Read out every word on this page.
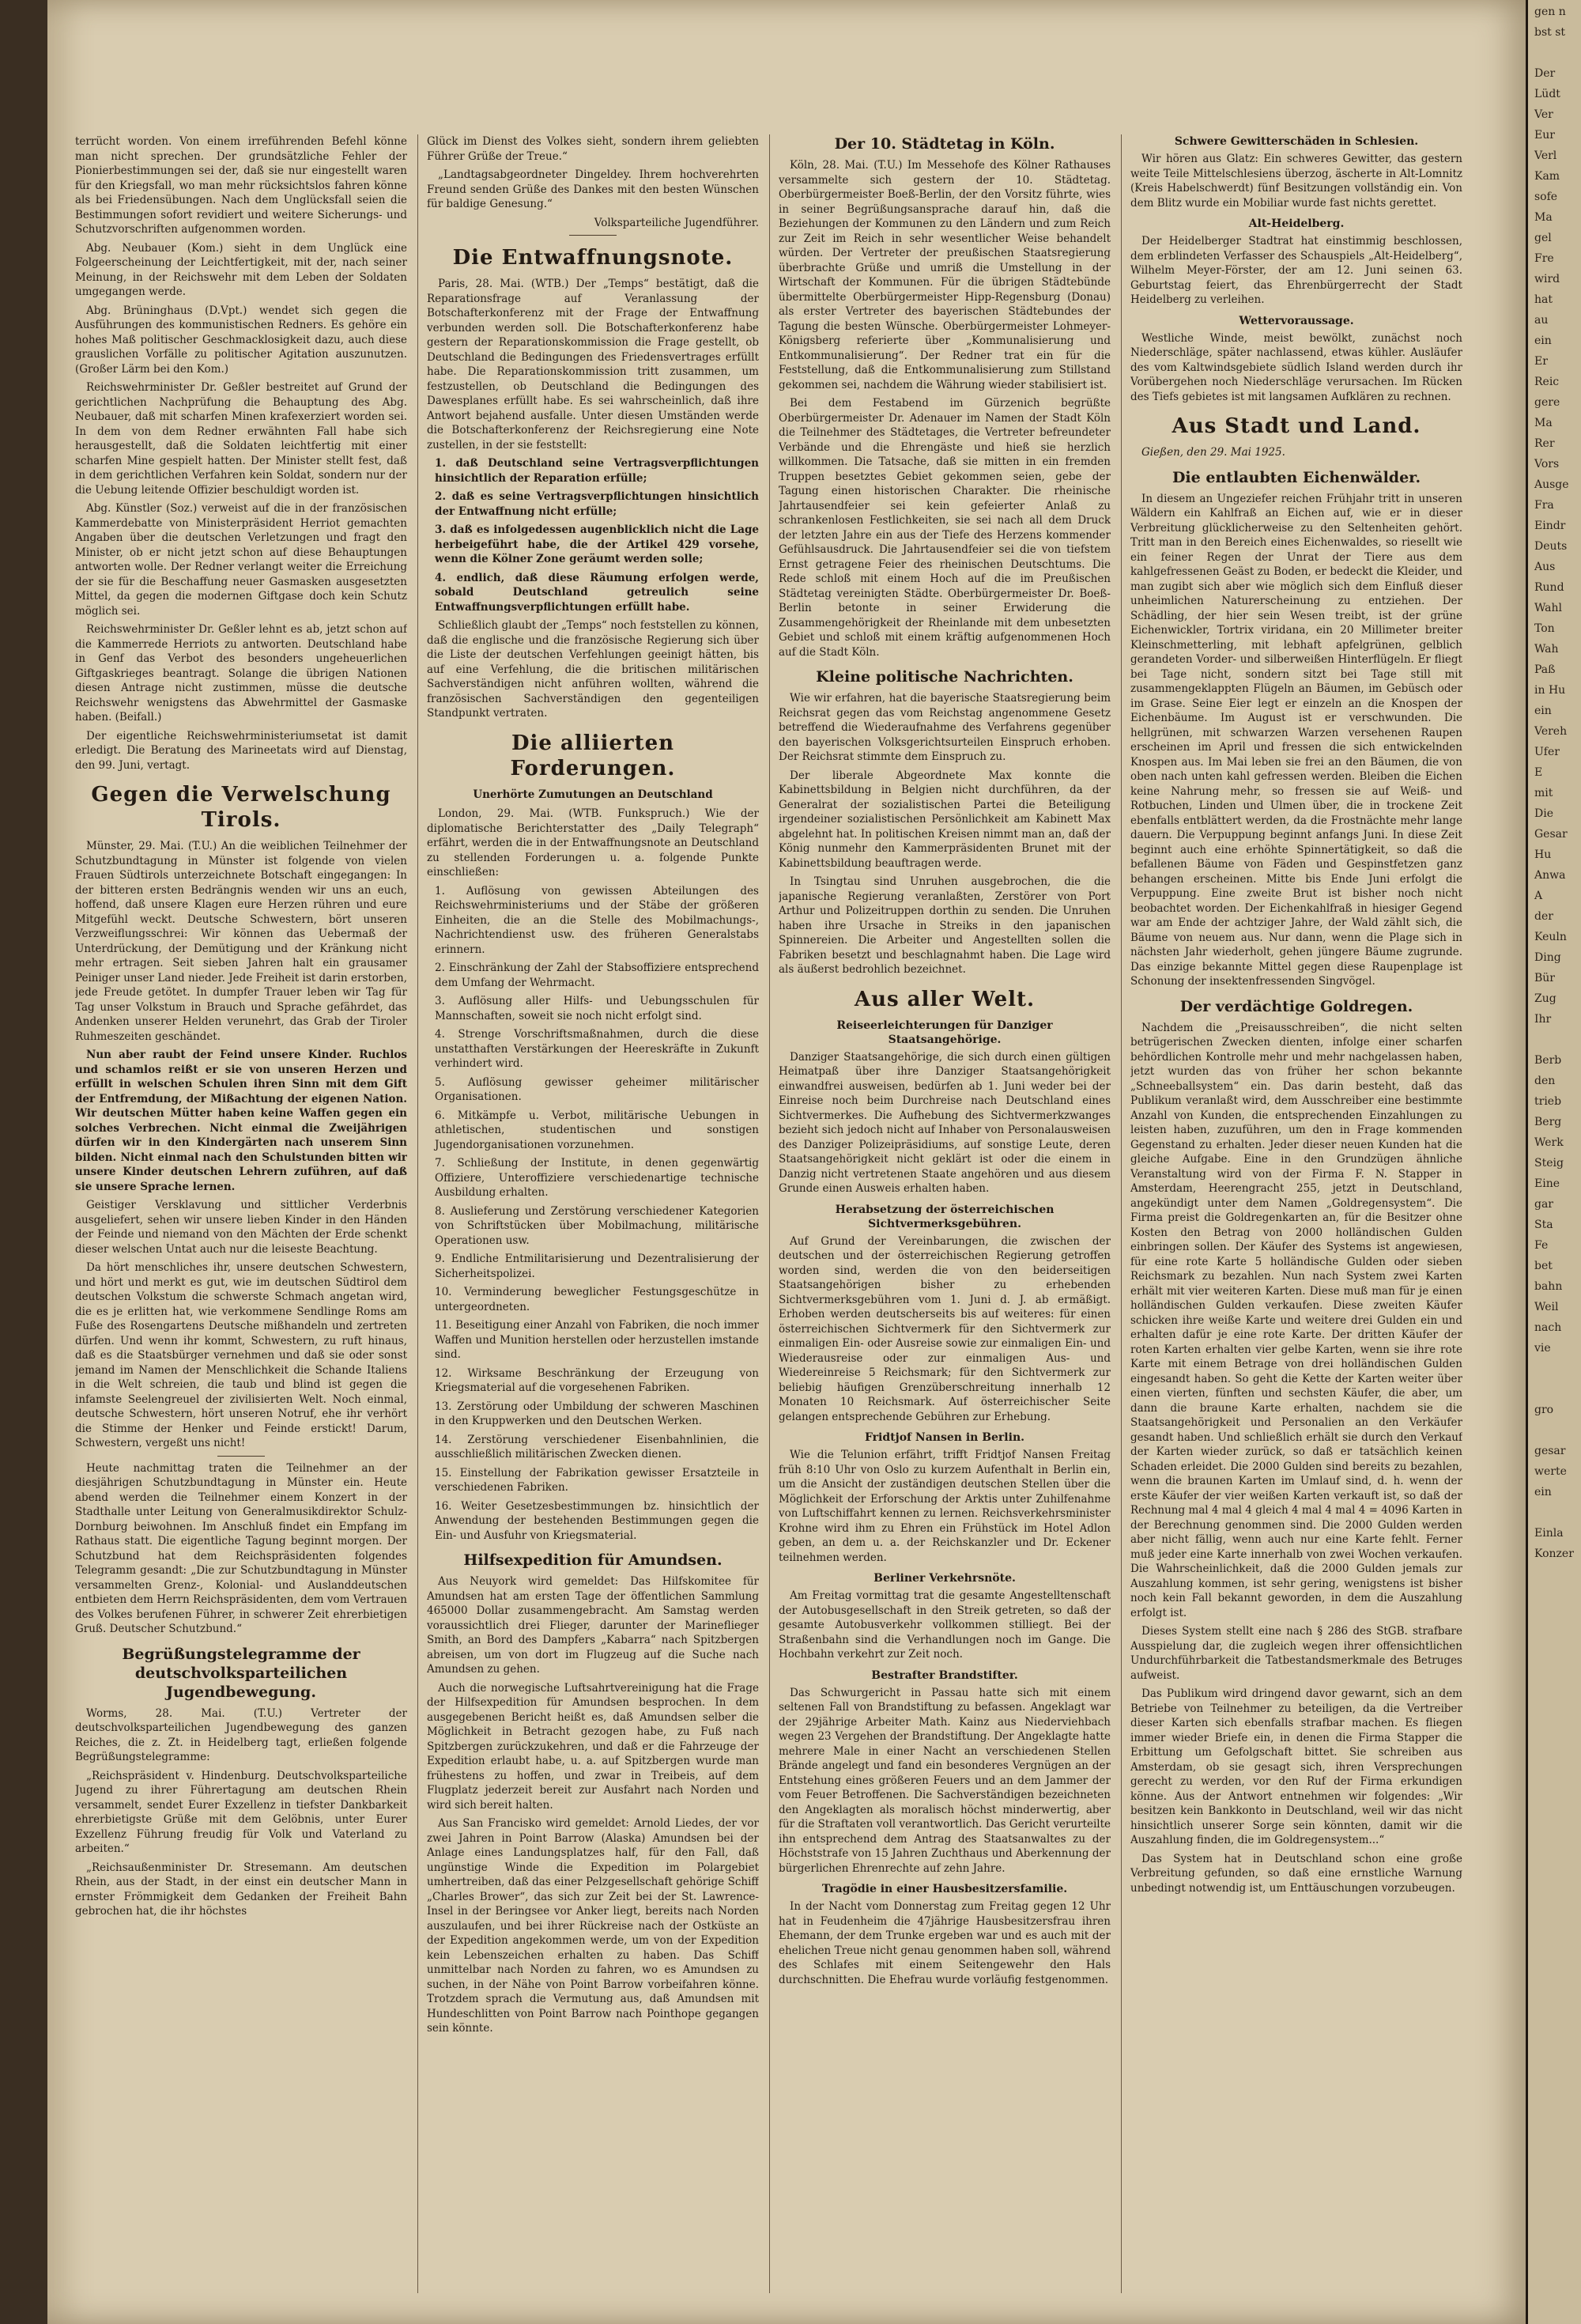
terrücht worden. Von einem irreführenden Befehl könne man nicht sprechen. Der grundsätzliche Fehler der Pionierbestimmungen sei der, daß sie nur eingestellt waren für den Kriegsfall, wo man mehr rücksichtslos fahren könne als bei Friedensübungen. Nach dem Unglücksfall seien die Bestimmungen sofort revidiert und weitere Sicherungs- und Schutzvorschriften aufgenommen worden.

Abg. Neubauer (Kom.) sieht in dem Unglück eine Folgeerscheinung der Leichtfertigkeit, mit der, nach seiner Meinung, in der Reichswehr mit dem Leben der Soldaten umgegangen werde.

Abg. Brüninghaus (D.Vpt.) wendet sich gegen die Ausführungen des kommunistischen Redners. Es gehöre ein hohes Maß politischer Geschmacklosigkeit dazu, auch diese grauslichen Vorfälle zu politischer Agitation auszunutzen. (Großer Lärm bei den Kom.)

Reichswehrminister Dr. Geßler bestreitet auf Grund der gerichtlichen Nachprüfung die Behauptung des Abg. Neubauer, daß mit scharfen Minen krafexerziert worden sei. In dem von dem Redner erwähnten Fall habe sich herausgestellt, daß die Soldaten leichtfertig mit einer scharfen Mine gespielt hatten. Der Minister stellt fest, daß in dem gerichtlichen Verfahren kein Soldat, sondern nur der die Uebung leitende Offizier beschuldigt worden ist.

Abg. Künstler (Soz.) verweist auf die in der französischen Kammerdebatte von Ministerpräsident Herriot gemachten Angaben über die deutschen Verletzungen und fragt den Minister, ob er nicht jetzt schon auf diese Behauptungen antworten wolle. Der Redner verlangt weiter die Erreichung der sie für die Beschaffung neuer Gasmasken ausgesetzten Mittel, da gegen die modernen Giftgase doch kein Schutz möglich sei.

Reichswehrminister Dr. Geßler lehnt es ab, jetzt schon auf die Kammerrede Herriots zu antworten. Deutschland habe in Genf das Verbot des besonders ungeheuerlichen Giftgaskrieges beantragt. Solange die übrigen Nationen diesen Antrage nicht zustimmen, müsse die deutsche Reichswehr wenigstens das Abwehrmittel der Gasmaske haben. (Beifall.)

Der eigentliche Reichswehrministeriumsetat ist damit erledigt. Die Beratung des Marineetats wird auf Dienstag, den 99. Juni, vertagt.

Gegen die Verwelschung Tirols.

Münster, 29. Mai. (T.U.) An die weiblichen Teilnehmer der Schutzbundtagung in Münster ist folgende von vielen Frauen Südtirols unterzeichnete Botschaft eingegangen: In der bitteren ersten Bedrängnis wenden wir uns an euch, hoffend, daß unsere Klagen eure Herzen rühren und eure Mitgefühl weckt. Deutsche Schwestern, bört unseren Verzweiflungsschrei: Wir können das Uebermaß der Unterdrückung, der Demütigung und der Kränkung nicht mehr ertragen. Seit sieben Jahren halt ein grausamer Peiniger unser Land nieder. Jede Freiheit ist darin erstorben, jede Freude getötet. In dumpfer Trauer leben wir Tag für Tag unser Volkstum in Brauch und Sprache gefährdet, das Andenken unserer Helden verunehrt, das Grab der Tiroler Ruhmeszeiten geschändet.

Nun aber raubt der Feind unsere Kinder. Ruchlos und schamlos reißt er sie von unseren Herzen und erfüllt in welschen Schulen ihren Sinn mit dem Gift der Entfremdung, der Mißachtung der eigenen Nation. Wir deutschen Mütter haben keine Waffen gegen ein solches Verbrechen. Nicht einmal die Zweijährigen dürfen wir in den Kindergärten nach unserem Sinn bilden. Nicht einmal nach den Schulstunden bitten wir unsere Kinder deutschen Lehrern zuführen, auf daß sie unsere Sprache lernen.

Geistiger Versklavung und sittlicher Verderbnis ausgeliefert, sehen wir unsere lieben Kinder in den Händen der Feinde und niemand von den Mächten der Erde schenkt dieser welschen Untat auch nur die leiseste Beachtung.

Da hört menschliches ihr, unsere deutschen Schwestern, und hört und merkt es gut, wie im deutschen Südtirol dem deutschen Volkstum die schwerste Schmach angetan wird, die es je erlitten hat, wie verkommene Sendlinge Roms am Fuße des Rosengartens Deutsche mißhandeln und zertreten dürfen. Und wenn ihr kommt, Schwestern, zu ruft hinaus, daß es die Staatsbürger vernehmen und daß sie oder sonst jemand im Namen der Menschlichkeit die Schande Italiens in die Welt schreien, die taub und blind ist gegen die infamste Seelengreuel der zivilisierten Welt. Noch einmal, deutsche Schwestern, hört unseren Notruf, ehe ihr verhört die Stimme der Henker und Feinde erstickt! Darum, Schwestern, vergeßt uns nicht!

Heute nachmittag traten die Teilnehmer an der diesjährigen Schutzbundtagung in Münster ein. Heute abend werden die Teilnehmer einem Konzert in der Stadthalle unter Leitung von Generalmusikdirektor Schulz-Dornburg beiwohnen. Im Anschluß findet ein Empfang im Rathaus statt. Die eigentliche Tagung beginnt morgen. Der Schutzbund hat dem Reichspräsidenten folgendes Telegramm gesandt: „Die zur Schutzbundtagung in Münster versammelten Grenz-, Kolonial- und Auslanddeutschen entbieten dem Herrn Reichspräsidenten, dem vom Vertrauen des Volkes berufenen Führer, in schwerer Zeit ehrerbietigen Gruß. Deutscher Schutzbund.“

Begrüßungstelegramme der deutschvolksparteilichen Jugendbewegung.

Worms, 28. Mai. (T.U.) Vertreter der deutschvolksparteilichen Jugendbewegung des ganzen Reiches, die z. Zt. in Heidelberg tagt, erließen folgende Begrüßungstelegramme:

„Reichspräsident v. Hindenburg. Deutschvolksparteiliche Jugend zu ihrer Führertagung am deutschen Rhein versammelt, sendet Eurer Exzellenz in tiefster Dankbarkeit ehrerbietigste Grüße mit dem Gelöbnis, unter Eurer Exzellenz Führung freudig für Volk und Vaterland zu arbeiten.“

„Reichsaußenminister Dr. Stresemann. Am deutschen Rhein, aus der Stadt, in der einst ein deutscher Mann in ernster Frömmigkeit dem Gedanken der Freiheit Bahn gebrochen hat, die ihr höchstes

Glück im Dienst des Volkes sieht, sondern ihrem geliebten Führer Grüße der Treue.“

„Landtagsabgeordneter Dingeldey. Ihrem hochverehrten Freund senden Grüße des Dankes mit den besten Wünschen für baldige Genesung.“

Volksparteiliche Jugendführer.

Die Entwaffnungsnote.

Paris, 28. Mai. (WTB.) Der „Temps“ bestätigt, daß die Reparationsfrage auf Veranlassung der Botschafterkonferenz mit der Frage der Entwaffnung verbunden werden soll. Die Botschafterkonferenz habe gestern der Reparationskommission die Frage gestellt, ob Deutschland die Bedingungen des Friedensvertrages erfüllt habe. Die Reparationskommission tritt zusammen, um festzustellen, ob Deutschland die Bedingungen des Dawesplanes erfüllt habe. Es sei wahrscheinlich, daß ihre Antwort bejahend ausfalle. Unter diesen Umständen werde die Botschafterkonferenz der Reichsregierung eine Note zustellen, in der sie feststellt:

1. daß Deutschland seine Vertragsverpflichtungen hinsichtlich der Reparation erfülle;

2. daß es seine Vertragsverpflichtungen hinsichtlich der Entwaffnung nicht erfülle;

3. daß es infolgedessen augenblicklich nicht die Lage herbeigeführt habe, die der Artikel 429 vorsehe, wenn die Kölner Zone geräumt werden solle;

4. endlich, daß diese Räumung erfolgen werde, sobald Deutschland getreulich seine Entwaffnungsverpflichtungen erfüllt habe.

Schließlich glaubt der „Temps“ noch feststellen zu können, daß die englische und die französische Regierung sich über die Liste der deutschen Verfehlungen geeinigt hätten, bis auf eine Verfehlung, die die britischen militärischen Sachverständigen nicht anführen wollten, während die französischen Sachverständigen den gegenteiligen Standpunkt vertraten.

Die alliierten Forderungen.
Unerhörte Zumutungen an Deutschland

London, 29. Mai. (WTB. Funkspruch.) Wie der diplomatische Berichterstatter des „Daily Telegraph“ erfährt, werden die in der Entwaffnungsnote an Deutschland zu stellenden Forderungen u. a. folgende Punkte einschließen:

1. Auflösung von gewissen Abteilungen des Reichswehrministeriums und der Stäbe der größeren Einheiten, die an die Stelle des Mobilmachungs-, Nachrichtendienst usw. des früheren Generalstabs erinnern.

2. Einschränkung der Zahl der Stabsoffiziere entsprechend dem Umfang der Wehrmacht.

3. Auflösung aller Hilfs- und Uebungsschulen für Mannschaften, soweit sie noch nicht erfolgt sind.

4. Strenge Vorschriftsmaßnahmen, durch die diese unstatthaften Verstärkungen der Heereskräfte in Zukunft verhindert wird.

5. Auflösung gewisser geheimer militärischer Organisationen.

6. Mitkämpfe u. Verbot, militärische Uebungen in athletischen, studentischen und sonstigen Jugendorganisationen vorzunehmen.

7. Schließung der Institute, in denen gegenwärtig Offiziere, Unteroffiziere verschiedenartige technische Ausbildung erhalten.

8. Auslieferung und Zerstörung verschiedener Kategorien von Schriftstücken über Mobilmachung, militärische Operationen usw.

9. Endliche Entmilitarisierung und Dezentralisierung der Sicherheitspolizei.

10. Verminderung beweglicher Festungsgeschütze in untergeordneten.

11. Beseitigung einer Anzahl von Fabriken, die noch immer Waffen und Munition herstellen oder herzustellen imstande sind.

12. Wirksame Beschränkung der Erzeugung von Kriegsmaterial auf die vorgesehenen Fabriken.

13. Zerstörung oder Umbildung der schweren Maschinen in den Kruppwerken und den Deutschen Werken.

14. Zerstörung verschiedener Eisenbahnlinien, die ausschließlich militärischen Zwecken dienen.

15. Einstellung der Fabrikation gewisser Ersatzteile in verschiedenen Fabriken.

16. Weiter Gesetzesbestimmungen bz. hinsichtlich der Anwendung der bestehenden Bestimmungen gegen die Ein- und Ausfuhr von Kriegsmaterial.

Hilfsexpedition für Amundsen.

Aus Neuyork wird gemeldet: Das Hilfskomitee für Amundsen hat am ersten Tage der öffentlichen Sammlung 465000 Dollar zusammengebracht. Am Samstag werden voraussichtlich drei Flieger, darunter der Marineflieger Smith, an Bord des Dampfers „Kabarra“ nach Spitzbergen abreisen, um von dort im Flugzeug auf die Suche nach Amundsen zu gehen.

Auch die norwegische Luftsahrtvereinigung hat die Frage der Hilfsexpedition für Amundsen besprochen. In dem ausgegebenen Bericht heißt es, daß Amundsen selber die Möglichkeit in Betracht gezogen habe, zu Fuß nach Spitzbergen zurückzukehren, und daß er die Fahrzeuge der Expedition erlaubt habe, u. a. auf Spitzbergen wurde man frühestens zu hoffen, und zwar in Treibeis, auf dem Flugplatz jederzeit bereit zur Ausfahrt nach Norden und wird sich bereit halten.

Aus San Francisko wird gemeldet: Arnold Liedes, der vor zwei Jahren in Point Barrow (Alaska) Amundsen bei der Anlage eines Landungsplatzes half, für den Fall, daß ungünstige Winde die Expedition im Polargebiet umhertreiben, daß das einer Pelzgesellschaft gehörige Schiff „Charles Brower“, das sich zur Zeit bei der St. Lawrence-Insel in der Beringsee vor Anker liegt, bereits nach Norden auszulaufen, und bei ihrer Rückreise nach der Ostküste an der Expedition angekommen werde, um von der Expedition kein Lebenszeichen erhalten zu haben. Das Schiff unmittelbar nach Norden zu fahren, wo es Amundsen zu suchen, in der Nähe von Point Barrow vorbeifahren könne. Trotzdem sprach die Vermutung aus, daß Amundsen mit Hundeschlitten von Point Barrow nach Pointhope gegangen sein könnte.

Der 10. Städtetag in Köln.

Köln, 28. Mai. (T.U.) Im Messehofe des Kölner Rathauses versammelte sich gestern der 10. Städtetag. Oberbürgermeister Boeß-Berlin, der den Vorsitz führte, wies in seiner Begrüßungsansprache darauf hin, daß die Beziehungen der Kommunen zu den Ländern und zum Reich zur Zeit im Reich in sehr wesentlicher Weise behandelt würden. Der Vertreter der preußischen Staatsregierung überbrachte Grüße und umriß die Umstellung in der Wirtschaft der Kommunen. Für die übrigen Städtebünde übermittelte Oberbürgermeister Hipp-Regensburg (Donau) als erster Vertreter des bayerischen Städtebundes der Tagung die besten Wünsche. Oberbürgermeister Lohmeyer-Königsberg referierte über „Kommunalisierung und Entkommunalisierung“. Der Redner trat ein für die Feststellung, daß die Entkommunalisierung zum Stillstand gekommen sei, nachdem die Währung wieder stabilisiert ist.

Bei dem Festabend im Gürzenich begrüßte Oberbürgermeister Dr. Adenauer im Namen der Stadt Köln die Teilnehmer des Städtetages, die Vertreter befreundeter Verbände und die Ehrengäste und hieß sie herzlich willkommen. Die Tatsache, daß sie mitten in ein fremden Truppen besetztes Gebiet gekommen seien, gebe der Tagung einen historischen Charakter. Die rheinische Jahrtausendfeier sei kein gefeierter Anlaß zu schrankenlosen Festlichkeiten, sie sei nach all dem Druck der letzten Jahre ein aus der Tiefe des Herzens kommender Gefühlsausdruck. Die Jahrtausendfeier sei die von tiefstem Ernst getragene Feier des rheinischen Deutschtums. Die Rede schloß mit einem Hoch auf die im Preußischen Städtetag vereinigten Städte. Oberbürgermeister Dr. Boeß-Berlin betonte in seiner Erwiderung die Zusammengehörigkeit der Rheinlande mit dem unbesetzten Gebiet und schloß mit einem kräftig aufgenommenen Hoch auf die Stadt Köln.

Kleine politische Nachrichten.

Wie wir erfahren, hat die bayerische Staatsregierung beim Reichsrat gegen das vom Reichstag angenommene Gesetz betreffend die Wiederaufnahme des Verfahrens gegenüber den bayerischen Volksgerichtsurteilen Einspruch erhoben. Der Reichsrat stimmte dem Einspruch zu.

Der liberale Abgeordnete Max konnte die Kabinettsbildung in Belgien nicht durchführen, da der Generalrat der sozialistischen Partei die Beteiligung irgendeiner sozialistischen Persönlichkeit am Kabinett Max abgelehnt hat. In politischen Kreisen nimmt man an, daß der König nunmehr den Kammerpräsidenten Brunet mit der Kabinettsbildung beauftragen werde.

In Tsingtau sind Unruhen ausgebrochen, die die japanische Regierung veranlaßten, Zerstörer von Port Arthur und Polizeitruppen dorthin zu senden. Die Unruhen haben ihre Ursache in Streiks in den japanischen Spinnereien. Die Arbeiter und Angestellten sollen die Fabriken besetzt und beschlagnahmt haben. Die Lage wird als äußerst bedrohlich bezeichnet.

Aus aller Welt.
Reiseerleichterungen für Danziger Staatsangehörige.

Danziger Staatsangehörige, die sich durch einen gültigen Heimatpaß über ihre Danziger Staatsangehörigkeit einwandfrei ausweisen, bedürfen ab 1. Juni weder bei der Einreise noch beim Durchreise nach Deutschland eines Sichtvermerkes. Die Aufhebung des Sichtvermerkzwanges bezieht sich jedoch nicht auf Inhaber von Personalausweisen des Danziger Polizeipräsidiums, auf sonstige Leute, deren Staatsangehörigkeit nicht geklärt ist oder die einem in Danzig nicht vertretenen Staate angehören und aus diesem Grunde einen Ausweis erhalten haben.

Herabsetzung der österreichischen Sichtvermerksgebühren.

Auf Grund der Vereinbarungen, die zwischen der deutschen und der österreichischen Regierung getroffen worden sind, werden die von den beiderseitigen Staatsangehörigen bisher zu erhebenden Sichtvermerksgebühren vom 1. Juni d. J. ab ermäßigt. Erhoben werden deutscherseits bis auf weiteres: für einen österreichischen Sichtvermerk für den Sichtvermerk zur einmaligen Ein- oder Ausreise sowie zur einmaligen Ein- und Wiederausreise oder zur einmaligen Aus- und Wiedereinreise 5 Reichsmark; für den Sichtvermerk zur beliebig häufigen Grenzüberschreitung innerhalb 12 Monaten 10 Reichsmark. Auf österreichischer Seite gelangen entsprechende Gebühren zur Erhebung.

Fridtjof Nansen in Berlin.

Wie die Telunion erfährt, trifft Fridtjof Nansen Freitag früh 8:10 Uhr von Oslo zu kurzem Aufenthalt in Berlin ein, um die Ansicht der zuständigen deutschen Stellen über die Möglichkeit der Erforschung der Arktis unter Zuhilfenahme von Luftschiffahrt kennen zu lernen. Reichsverkehrsminister Krohne wird ihm zu Ehren ein Frühstück im Hotel Adlon geben, an dem u. a. der Reichskanzler und Dr. Eckener teilnehmen werden.

Berliner Verkehrsnöte.

Am Freitag vormittag trat die gesamte Angestelltenschaft der Autobusgesellschaft in den Streik getreten, so daß der gesamte Autobusverkehr vollkommen stilliegt. Bei der Straßenbahn sind die Verhandlungen noch im Gange. Die Hochbahn verkehrt zur Zeit noch.

Bestrafter Brandstifter.

Das Schwurgericht in Passau hatte sich mit einem seltenen Fall von Brandstiftung zu befassen. Angeklagt war der 29jährige Arbeiter Math. Kainz aus Niederviehbach wegen 23 Vergehen der Brandstiftung. Der Angeklagte hatte mehrere Male in einer Nacht an verschiedenen Stellen Brände angelegt und fand ein besonderes Vergnügen an der Entstehung eines größeren Feuers und an dem Jammer der vom Feuer Betroffenen. Die Sachverständigen bezeichneten den Angeklagten als moralisch höchst minderwertig, aber für die Straftaten voll verantwortlich. Das Gericht verurteilte ihn entsprechend dem Antrag des Staatsanwaltes zu der Höchststrafe von 15 Jahren Zuchthaus und Aberkennung der bürgerlichen Ehrenrechte auf zehn Jahre.

Tragödie in einer Hausbesitzersfamilie.

In der Nacht vom Donnerstag zum Freitag gegen 12 Uhr hat in Feudenheim die 47jährige Hausbesitzersfrau ihren Ehemann, der dem Trunke ergeben war und es auch mit der ehelichen Treue nicht genau genommen haben soll, während des Schlafes mit einem Seitengewehr den Hals durchschnitten. Die Ehefrau wurde vorläufig festgenommen.

Schwere Gewitterschäden in Schlesien.

Wir hören aus Glatz: Ein schweres Gewitter, das gestern weite Teile Mittelschlesiens überzog, äscherte in Alt-Lomnitz (Kreis Habelschwerdt) fünf Besitzungen vollständig ein. Von dem Blitz wurde ein Mobiliar wurde fast nichts gerettet.

Alt-Heidelberg.

Der Heidelberger Stadtrat hat einstimmig beschlossen, dem erblindeten Verfasser des Schauspiels „Alt-Heidelberg“, Wilhelm Meyer-Förster, der am 12. Juni seinen 63. Geburtstag feiert, das Ehrenbürgerrecht der Stadt Heidelberg zu verleihen.

Wettervoraussage.

Westliche Winde, meist bewölkt, zunächst noch Niederschläge, später nachlassend, etwas kühler. Ausläufer des vom Kaltwindsgebiete südlich Island werden durch ihr Vorübergehen noch Niederschläge verursachen. Im Rücken des Tiefs gebietes ist mit langsamen Aufklären zu rechnen.

Aus Stadt und Land.

Gießen, den 29. Mai 1925.

Die entlaubten Eichenwälder.

In diesem an Ungeziefer reichen Frühjahr tritt in unseren Wäldern ein Kahlfraß an Eichen auf, wie er in dieser Verbreitung glücklicherweise zu den Seltenheiten gehört. Tritt man in den Bereich eines Eichenwaldes, so riesellt wie ein feiner Regen der Unrat der Tiere aus dem kahlgefressenen Geäst zu Boden, er bedeckt die Kleider, und man zugibt sich aber wie möglich sich dem Einfluß dieser unheimlichen Naturerscheinung zu entziehen. Der Schädling, der hier sein Wesen treibt, ist der grüne Eichenwickler, Tortrix viridana, ein 20 Millimeter breiter Kleinschmetterling, mit lebhaft apfelgrünen, gelblich gerandeten Vorder- und silberweißen Hinterflügeln. Er fliegt bei Tage nicht, sondern sitzt bei Tage still mit zusammengeklappten Flügeln an Bäumen, im Gebüsch oder im Grase. Seine Eier legt er einzeln an die Knospen der Eichenbäume. Im August ist er verschwunden. Die hellgrünen, mit schwarzen Warzen versehenen Raupen erscheinen im April und fressen die sich entwickelnden Knospen aus. Im Mai leben sie frei an den Bäumen, die von oben nach unten kahl gefressen werden. Bleiben die Eichen keine Nahrung mehr, so fressen sie auf Weiß- und Rotbuchen, Linden und Ulmen über, die in trockene Zeit ebenfalls entblättert werden, da die Frostnächte mehr lange dauern. Die Verpuppung beginnt anfangs Juni. In diese Zeit beginnt auch eine erhöhte Spinnertätigkeit, so daß die befallenen Bäume von Fäden und Gespinstfetzen ganz behangen erscheinen. Mitte bis Ende Juni erfolgt die Verpuppung. Eine zweite Brut ist bisher noch nicht beobachtet worden. Der Eichenkahlfraß in hiesiger Gegend war am Ende der achtziger Jahre, der Wald zählt sich, die Bäume von neuem aus. Nur dann, wenn die Plage sich in nächsten Jahr wiederholt, gehen jüngere Bäume zugrunde. Das einzige bekannte Mittel gegen diese Raupenplage ist Schonung der insektenfressenden Singvögel.

Der verdächtige Goldregen.

Nachdem die „Preisausschreiben“, die nicht selten betrügerischen Zwecken dienten, infolge einer scharfen behördlichen Kontrolle mehr und mehr nachgelassen haben, jetzt wurden das von früher her schon bekannte „Schneeballsystem“ ein. Das darin besteht, daß das Publikum veranlaßt wird, dem Ausschreiber eine bestimmte Anzahl von Kunden, die entsprechenden Einzahlungen zu leisten haben, zuzuführen, um den in Frage kommenden Gegenstand zu erhalten. Jeder dieser neuen Kunden hat die gleiche Aufgabe. Eine in den Grundzügen ähnliche Veranstaltung wird von der Firma F. N. Stapper in Amsterdam, Heerengracht 255, jetzt in Deutschland, angekündigt unter dem Namen „Goldregensystem“. Die Firma preist die Goldregenkarten an, für die Besitzer ohne Kosten den Betrag von 2000 holländischen Gulden einbringen sollen. Der Käufer des Systems ist angewiesen, für eine rote Karte 5 holländische Gulden oder sieben Reichsmark zu bezahlen. Nun nach System zwei Karten erhält mit vier weiteren Karten. Diese muß man für je einen holländischen Gulden verkaufen. Diese zweiten Käufer schicken ihre weiße Karte und weitere drei Gulden ein und erhalten dafür je eine rote Karte. Der dritten Käufer der roten Karten erhalten vier gelbe Karten, wenn sie ihre rote Karte mit einem Betrage von drei holländischen Gulden eingesandt haben. So geht die Kette der Karten weiter über einen vierten, fünften und sechsten Käufer, die aber, um dann die braune Karte erhalten, nachdem sie die Staatsangehörigkeit und Personalien an den Verkäufer gesandt haben. Und schließlich erhält sie durch den Verkauf der Karten wieder zurück, so daß er tatsächlich keinen Schaden erleidet. Die 2000 Gulden sind bereits zu bezahlen, wenn die braunen Karten im Umlauf sind, d. h. wenn der erste Käufer der vier weißen Karten verkauft ist, so daß der Rechnung mal 4 mal 4 gleich 4 mal 4 mal 4 = 4096 Karten in der Berechnung genommen sind. Die 2000 Gulden werden aber nicht fällig, wenn auch nur eine Karte fehlt. Ferner muß jeder eine Karte innerhalb von zwei Wochen verkaufen. Die Wahrscheinlichkeit, daß die 2000 Gulden jemals zur Auszahlung kommen, ist sehr gering, wenigstens ist bisher noch kein Fall bekannt geworden, in dem die Auszahlung erfolgt ist.

Dieses System stellt eine nach § 286 des StGB. strafbare Ausspielung dar, die zugleich wegen ihrer offensichtlichen Undurchführbarkeit die Tatbestandsmerkmale des Betruges aufweist.

Das Publikum wird dringend davor gewarnt, sich an dem Betriebe von Teilnehmer zu beteiligen, da die Vertreiber dieser Karten sich ebenfalls strafbar machen. Es fliegen immer wieder Briefe ein, in denen die Firma Stapper die Erbittung um Gefolgschaft bittet. Sie schreiben aus Amsterdam, ob sie gesagt sich, ihren Versprechungen gerecht zu werden, vor den Ruf der Firma erkundigen könne. Aus der Antwort entnehmen wir folgendes: „Wir besitzen kein Bankkonto in Deutschland, weil wir das nicht hinsichtlich unserer Sorge sein könnten, damit wir die Auszahlung finden, die im Goldregensystem...“

Das System hat in Deutschland schon eine große Verbreitung gefunden, so daß eine ernstliche Warnung unbedingt notwendig ist, um Enttäuschungen vorzubeugen.

gen n
bst st

Der
Lüdt
Ver
Eur
Verl
Kam
sofe
Ma
gel
Fre
wird
hat
au
ein
Er
Reic
gere
Ma
Rer
Vors
Ausge
Fra
Eindr
Deuts
Aus
Rund
Wahl
Ton
Wah
Paß
in Hu
ein
Vereh
Ufer
E
mit
Die
Gesar
Hu
Anwa
A
der
Keuln
Ding
Bür
Zug
Ihr

Berb
den
trieb
Berg
Werk
Steig
Eine
gar
Sta
Fe
bet
bahn
Weil
nach
vie

gro

gesar
werte
ein

Einla
Konzer
